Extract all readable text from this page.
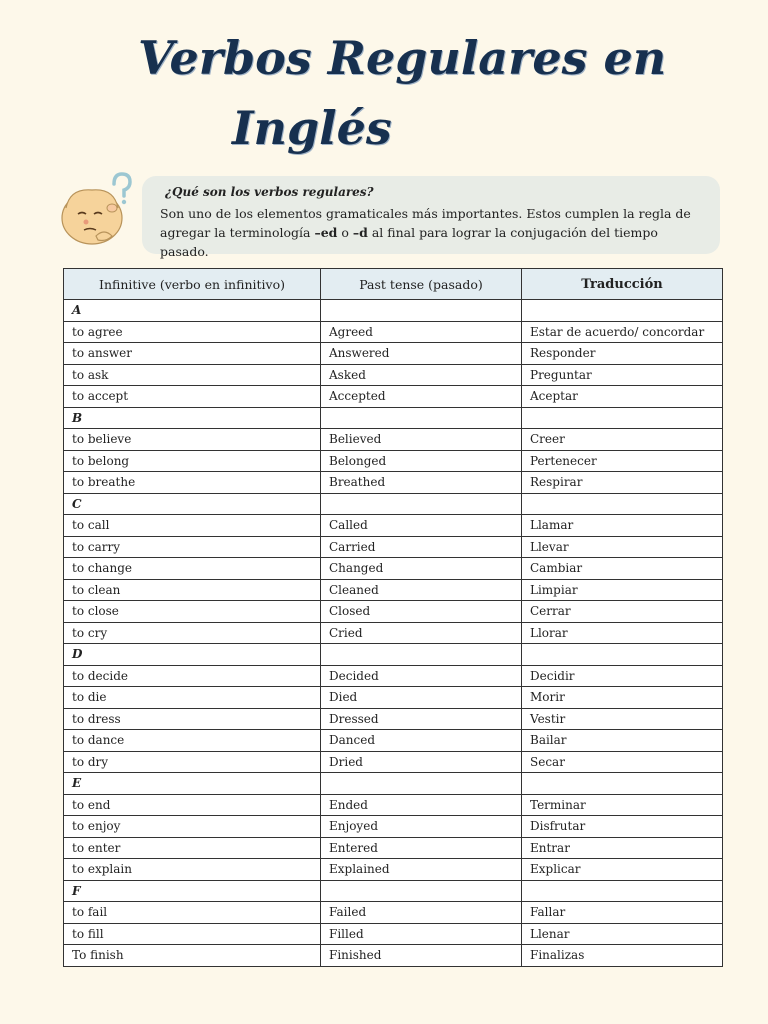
Verbos Regulares en
Inglés
¿Qué son los verbos regulares?
Son uno de los elementos gramaticales más importantes. Estos cumplen la regla de agregar la terminología –ed o –d al final para lograr la conjugación del tiempo pasado.
Infinitive (verbo en infinitivo)	Past tense (pasado)	Traducción
A		
to agree	Agreed	Estar de acuerdo/ concordar
to answer	Answered	Responder
to ask	Asked	Preguntar
to accept	Accepted	Aceptar
B		
to believe	Believed	Creer
to belong	Belonged	Pertenecer
to breathe	Breathed	Respirar
C		
to call	Called	Llamar
to carry	Carried	Llevar
to change	Changed	Cambiar
to clean	Cleaned	Limpiar
to close	Closed	Cerrar
to cry	Cried	Llorar
D		
to decide	Decided	Decidir
to die	Died	Morir
to dress	Dressed	Vestir
to dance	Danced	Bailar
to dry	Dried	Secar
E		
to end	Ended	Terminar
to enjoy	Enjoyed	Disfrutar
to enter	Entered	Entrar
to explain	Explained	Explicar
F		
to fail	Failed	Fallar
to fill	Filled	Llenar
To finish	Finished	Finalizas
